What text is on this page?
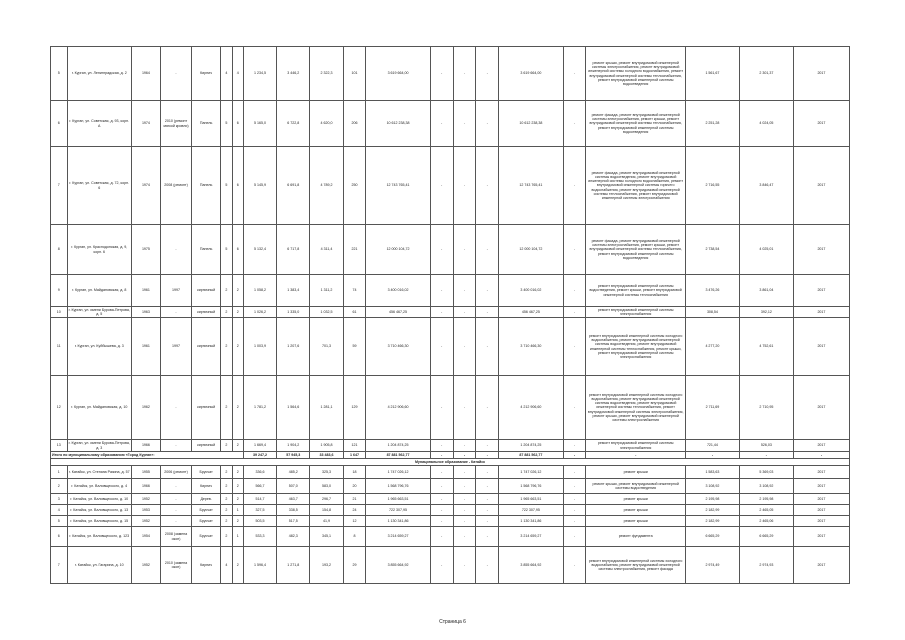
5	г. Курган, ул. Ленинградская, д. 2	1964	-	Кирпич	4	4	1 234,5	3 446,2	2 322,3	101	3 619 664,00	-	-	-	3 619 664,00	-	ремонт крыши, ремонт внутридомовой инженерной системы электроснабжения, ремонт внутридомовой инженерной системы холодного водоснабжения, ремонт внутридомовой инженерной системы теплоснабжения, ремонт внутридомовой инженерной системы водоотведения	1 561,67	2 301,37	2017
6	г. Курган, ул. Советская, д. 93, корп. А	1974	2010 (ремонт мягкой кровли)	Панель	5	6	5 165,0	6 722,8	4 620,0	206	10 612 238,38	-	-	-	10 612 238,38	-	ремонт фасада, ремонт внутридомовой инженерной системы электроснабжения, ремонт крыши, ремонт внутридомовой инженерной системы теплоснабжения, ремонт внутридомовой инженерной системы водоотведения	2 251,28	4 024,05	2017
7	г. Курган, ул. Советская, д. 72, корп. 6	1974	2008 (ремонт)	Панель	5	6	5 145,9	6 691,8	4 789,2	250	12 743 765,41	-	-	-	12 743 765,41	-	ремонт фасада, ремонт внутридомовой инженерной системы водоотведения, ремонт внутридомовой инженерной системы холодного водоснабжения, ремонт внутридомовой инженерной системы горячего водоснабжения, ремонт внутридомовой инженерной системы теплоснабжения, ремонт внутридомовой инженерной системы электроснабжения	2 716,55	3 846,47	2017
8	г. Курган, ул. Краснодонская, д. 9, корп. 6	1975	-	Панель	5	6	5 132,4	6 717,8	4 311,4	221	12 000 104,72	-	-	-	12 000 104,72	-	ремонт фасада, ремонт внутридомовой инженерной системы электроснабжения, ремонт крыши, ремонт внутридомовой инженерной системы теплоснабжения, ремонт внутридомовой инженерной системы водоотведения	2 738,54	4 025,01	2017
9	г. Курган, ул. Майдановская, д. 8	1961	1997	кирпичный	2	2	1 058,2	1 383,4	1 311,2	74	3 400 016,02	-	-	-	3 400 016,02	-	ремонт внутридомовой инженерной системы водоотведения, ремонт крыши, ремонт внутридомовой инженерной системы теплоснабжения	3 476,26	3 861,04	2017
10	г. Курган, ул. имени Бурова-Петрова, д. 5	1963	-	кирпичный	2	2	1 026,2	1 335,0	1 032,5	61	456 467,25	-	-	-	456 467,25	-	ремонт внутридомовой инженерной системы электроснабжения	308,54	392,12	2017
11	г. Курган, ул. Куйбышева, д. 3	1961	1997	кирпичный	2	2	1 003,9	1 207,6	701,3	59	3 710 466,30	-	-	-	3 710 466,30	-	ремонт внутридомовой инженерной системы холодного водоснабжения, ремонт внутридомовой инженерной системы водоотведения, ремонт внутридомовой инженерной системы теплоснабжения, ремонт крыши, ремонт внутридомовой инженерной системы электроснабжения	4 277,20	4 752,61	2017
12	г. Курган, ул. Майдановская, д. 10	1962	-	кирпичный	2	2	1 781,2	1 564,6	1 281,1	129	4 212 906,60	-	-	-	4 212 906,60	-	ремонт внутридомовой инженерной системы холодного водоснабжения, ремонт внутридомовой инженерной системы водоотведения, ремонт внутридомовой инженерной системы теплоснабжения, ремонт внутридомовой инженерной системы электроснабжения, ремонт крыши, ремонт внутридомовой инженерной системы электроснабжения	2 711,69	2 710,95	2017
13	г. Курган, ул. имени Бурова-Петрова, д. 3	1966	-	кирпичный	2	2	1 669,4	1 904,2	1 905,8	121	1 204 874,25	-	-	-	1 204 874,25	-	ремонт внутридомовой инженерной системы электроснабжения	721,44	526,03	2017
Итого по муниципальному образованию «Город Курган»:							39 247,2	57 945,3	33 483,6	1 647	87 881 562,77	-	-	-	87 881 562,77	-	-	-	-	-
Муниципальное образование - Катайск																				
1	г. Катайск, ул. Степана Разина, д. 57	1955	2006 (ремонт)	Брусчат	2	2	336,6	485,2	325,3	18	1 747 026,12	-	-	-	1 747 026,12	-	ремонт крыши	1 583,63	5 369,03	2017
2	г. Катайск, ул. Валовщеского, д. 4	1966	-	Кирпич	2	2	566,7	507,0	583,0	20	1 568 796,76	-	-	-	1 568 796,76	-	ремонт крыши, ремонт внутридомовой инженерной системы водоотведения	3 108,92	3 108,92	2017
3	г. Катайск, ул. Валовщеского, д. 10	1952	-	Дерев.	2	2	514,7	463,7	296,7	21	1 965 663,51	-	-	-	1 965 663,51	-	ремонт крыши	2 195,98	2 195,98	2017
4	г. Катайск, ул. Валовщеского, д. 13	1953	-	Брусчат	2	1	327,5	338,5	154,8	24	722 307,95	-	-	-	722 307,95	-	ремонт крыши	2 182,99	2 465,05	2017
5	г. Катайск, ул. Валовщеского, д. 15	1952	-	Брусчат	2	2	503,5	517,5	41,9	12	1 130 341,86	-	-	-	1 130 341,86	-	ремонт крыши	2 182,99	2 465,06	2017
6	г. Катайск, ул. Валовщеского, д. 123	1954	2008 (замена окон)	Брусчат	2	1	533,3	482,3	345,1	8	3 214 659,27	-	-	-	3 214 659,27	-	ремонт фундамента	6 665,29	6 665,29	2017
7	г. Катайск, ул. Гагарина, д. 10	1952	2010 (замена окон)	Кирпич	4	2	1 596,4	1 271,8	193,2	29	3 855 664,92	-	-	-	3 855 664,92	-	ремонт внутридомовой инженерной системы холодного водоснабжения, ремонт внутридомовой инженерной системы электроснабжения, ремонт фасада	2 974,49	2 974,93	2017
Страница 6
